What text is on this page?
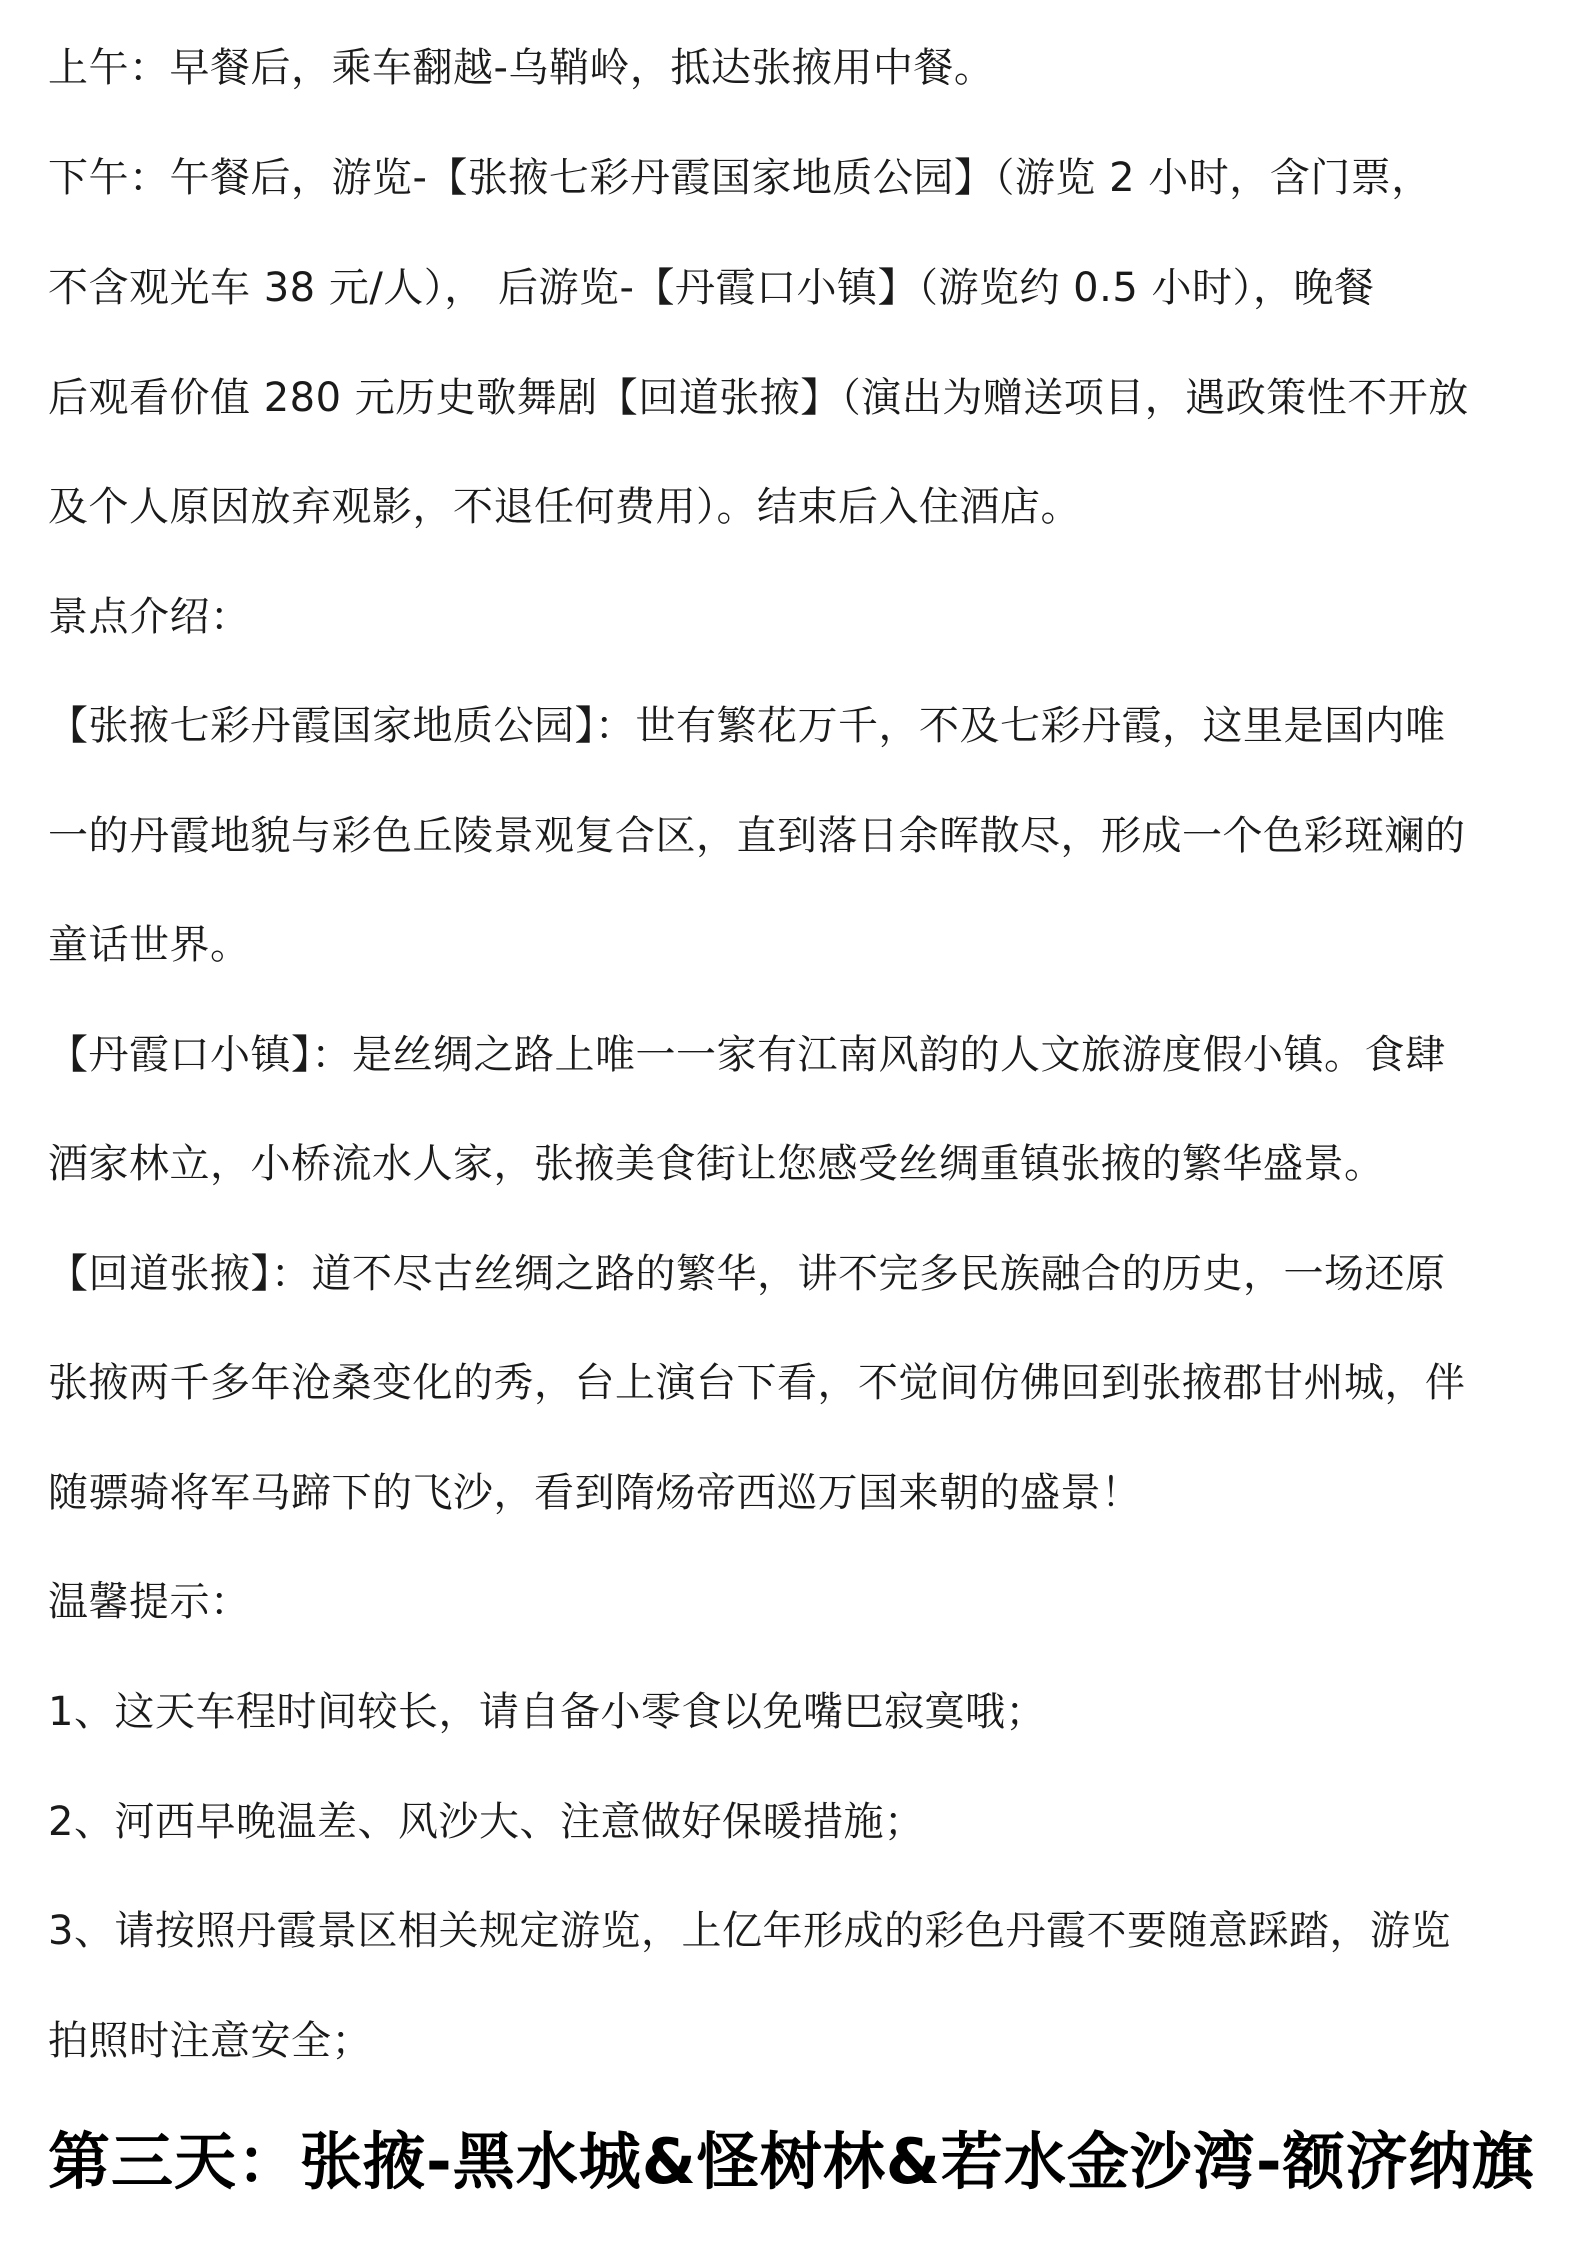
上午：早餐后，乘车翻越-乌鞘岭，抵达张掖用中餐。
下午：午餐后，游览-【张掖七彩丹霞国家地质公园】（游览 2 小时，含门票，
不含观光车 38 元/人）， 后游览-【丹霞口小镇】（游览约 0.5 小时），晚餐
后观看价值 280 元历史歌舞剧【回道张掖】（演出为赠送项目，遇政策性不开放
及个人原因放弃观影，不退任何费用）。结束后入住酒店。
景点介绍：
【张掖七彩丹霞国家地质公园】：世有繁花万千，不及七彩丹霞，这里是国内唯
一的丹霞地貌与彩色丘陵景观复合区，直到落日余晖散尽，形成一个色彩斑斓的
童话世界。
【丹霞口小镇】：是丝绸之路上唯一一家有江南风韵的人文旅游度假小镇。食肆
酒家林立，小桥流水人家，张掖美食街让您感受丝绸重镇张掖的繁华盛景。
【回道张掖】：道不尽古丝绸之路的繁华，讲不完多民族融合的历史，一场还原
张掖两千多年沧桑变化的秀，台上演台下看，不觉间仿佛回到张掖郡甘州城，伴
随骠骑将军马蹄下的飞沙，看到隋炀帝西巡万国来朝的盛景！
温馨提示：
1、这天车程时间较长，请自备小零食以免嘴巴寂寞哦；
2、河西早晚温差、风沙大、注意做好保暖措施；
3、请按照丹霞景区相关规定游览，上亿年形成的彩色丹霞不要随意踩踏，游览
拍照时注意安全；
第三天：张掖-黑水城&怪树林&若水金沙湾-额济纳旗
